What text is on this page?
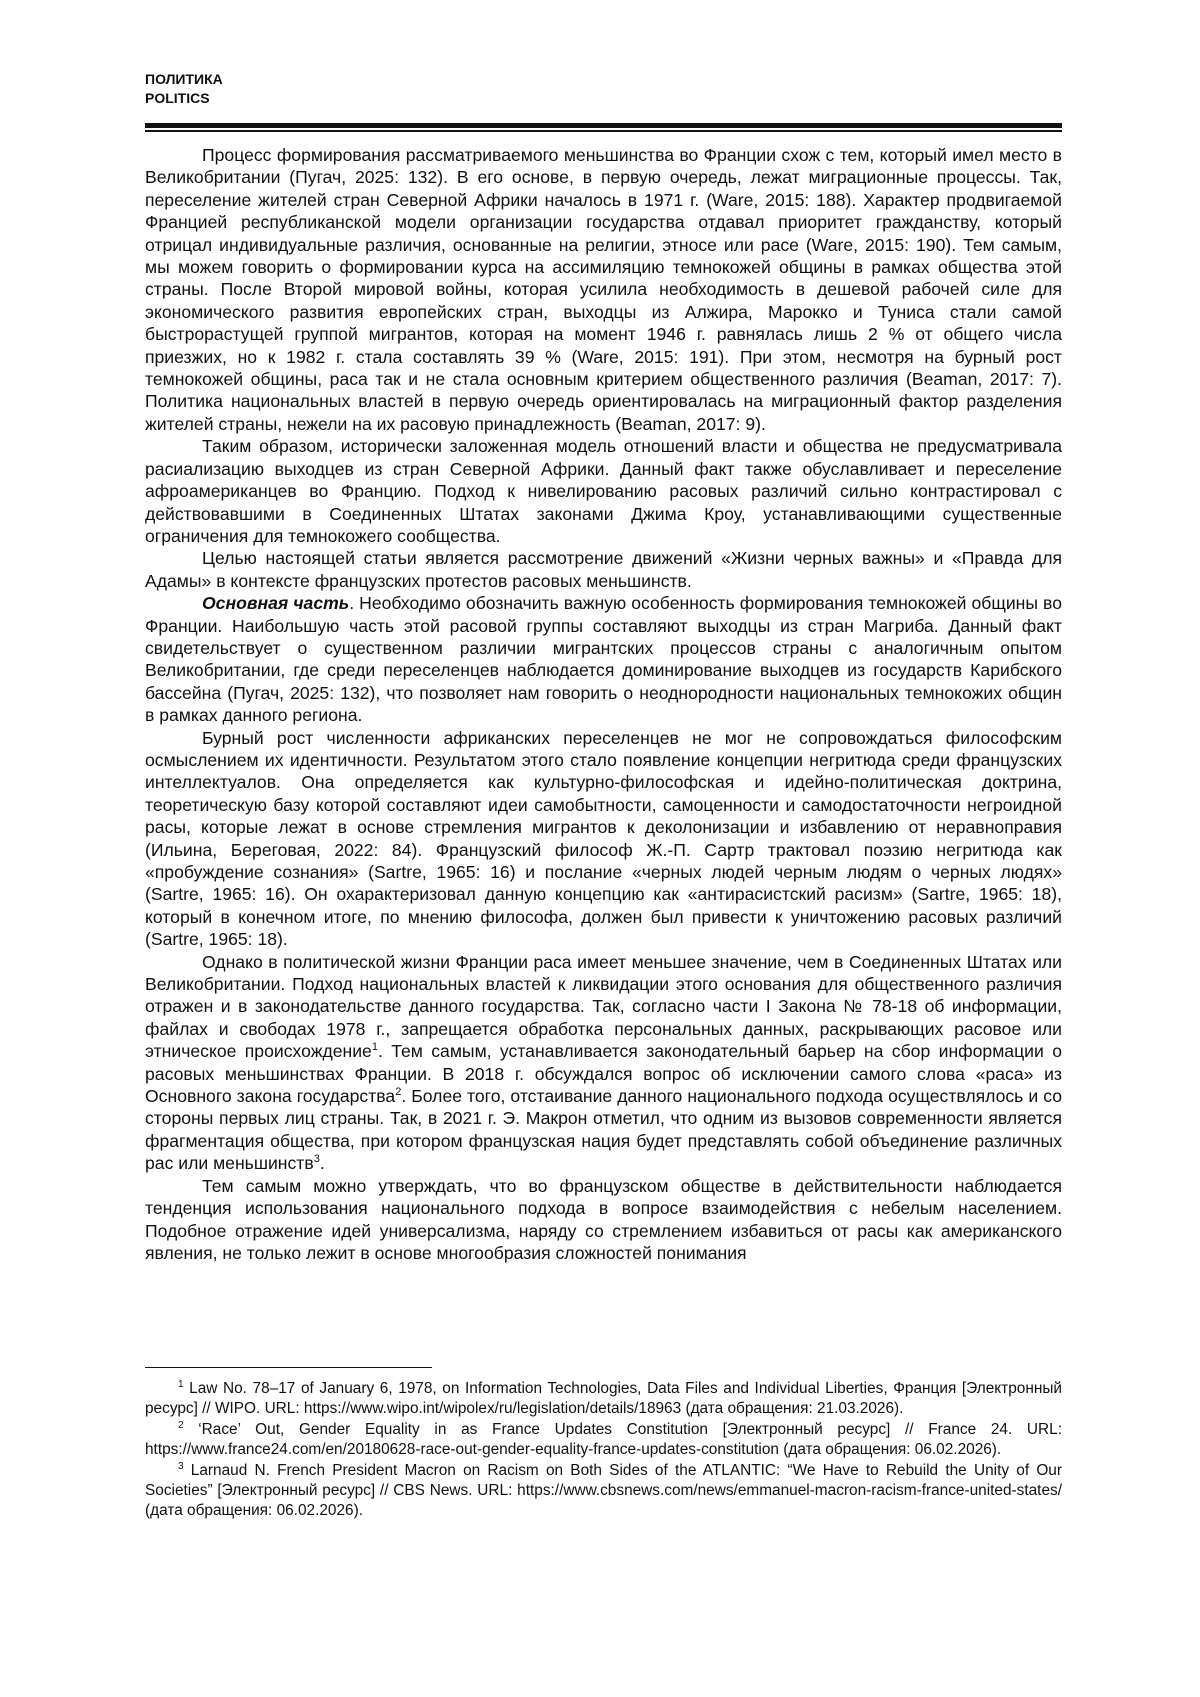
ПОЛИТИКА
POLITICS

Процесс формирования рассматриваемого меньшинства во Франции схож с тем, который имел место в Великобритании (Пугач, 2025: 132). В его основе, в первую очередь, лежат миграционные процессы. Так, переселение жителей стран Северной Африки началось в 1971 г. (Ware, 2015: 188). Характер продвигаемой Францией республиканской модели организации государства отдавал приоритет гражданству, который отрицал индивидуальные различия, основанные на религии, этносе или расе (Ware, 2015: 190). Тем самым, мы можем говорить о формировании курса на ассимиляцию темнокожей общины в рамках общества этой страны. После Второй мировой войны, которая усилила необходимость в дешевой рабочей силе для экономического развития европейских стран, выходцы из Алжира, Марокко и Туниса стали самой быстрорастущей группой мигрантов, которая на момент 1946 г. равнялась лишь 2 % от общего числа приезжих, но к 1982 г. стала составлять 39 % (Ware, 2015: 191). При этом, несмотря на бурный рост темнокожей общины, раса так и не стала основным критерием общественного различия (Beaman, 2017: 7). Политика национальных властей в первую очередь ориентировалась на миграционный фактор разделения жителей страны, нежели на их расовую принадлежность (Beaman, 2017: 9).

Таким образом, исторически заложенная модель отношений власти и общества не предусматривала расиализацию выходцев из стран Северной Африки. Данный факт также обуславливает и переселение афроамериканцев во Францию. Подход к нивелированию расовых различий сильно контрастировал с действовавшими в Соединенных Штатах законами Джима Кроу, устанавливающими существенные ограничения для темнокожего сообщества.

Целью настоящей статьи является рассмотрение движений «Жизни черных важны» и «Правда для Адамы» в контексте французских протестов расовых меньшинств.

Основная часть. Необходимо обозначить важную особенность формирования темнокожей общины во Франции. Наибольшую часть этой расовой группы составляют выходцы из стран Магриба. Данный факт свидетельствует о существенном различии мигрантских процессов страны с аналогичным опытом Великобритании, где среди переселенцев наблюдается доминирование выходцев из государств Карибского бассейна (Пугач, 2025: 132), что позволяет нам говорить о неоднородности национальных темнокожих общин в рамках данного региона.

Бурный рост численности африканских переселенцев не мог не сопровождаться философским осмыслением их идентичности. Результатом этого стало появление концепции негритюда среди французских интеллектуалов. Она определяется как культурно-философская и идейно-политическая доктрина, теоретическую базу которой составляют идеи самобытности, самоценности и самодостаточности негроидной расы, которые лежат в основе стремления мигрантов к деколонизации и избавлению от неравноправия (Ильина, Береговая, 2022: 84). Французский философ Ж.-П. Сартр трактовал поэзию негритюда как «пробуждение сознания» (Sartre, 1965: 16) и послание «черных людей черным людям о черных людях» (Sartre, 1965: 16). Он охарактеризовал данную концепцию как «антирасистский расизм» (Sartre, 1965: 18), который в конечном итоге, по мнению философа, должен был привести к уничтожению расовых различий (Sartre, 1965: 18).

Однако в политической жизни Франции раса имеет меньшее значение, чем в Соединенных Штатах или Великобритании. Подход национальных властей к ликвидации этого основания для общественного различия отражен и в законодательстве данного государства. Так, согласно части I Закона № 78-18 об информации, файлах и свободах 1978 г., запрещается обработка персональных данных, раскрывающих расовое или этническое происхождение$^1$. Тем самым, устанавливается законодательный барьер на сбор информации о расовых меньшинствах Франции. В 2018 г. обсуждался вопрос об исключении самого слова «раса» из Основного закона государства$^2$. Более того, отстаивание данного национального подхода осуществлялось и со стороны первых лиц страны. Так, в 2021 г. Э. Макрон отметил, что одним из вызовов современности является фрагментация общества, при котором французская нация будет представлять собой объединение различных рас или меньшинств$^3$.

Тем самым можно утверждать, что во французском обществе в действительности наблюдается тенденция использования национального подхода в вопросе взаимодействия с небелым населением. Подобное отражение идей универсализма, наряду со стремлением избавиться от расы как американского явления, не только лежит в основе многообразия сложностей понимания

$^1$ Law No. 78–17 of January 6, 1978, on Information Technologies, Data Files and Individual Liberties, Франция [Электронный ресурс] // WIPO. URL: https://www.wipo.int/wipolex/ru/legislation/details/18963 (дата обращения: 21.03.2026).

$^2$ ‘Race’ Out, Gender Equality in as France Updates Constitution [Электронный ресурс] // France 24. URL: https://www.france24.com/en/20180628-race-out-gender-equality-france-updates-constitution (дата обращения: 06.02.2026).

$^3$ Larnaud N. French President Macron on Racism on Both Sides of the ATLANTIC: “We Have to Rebuild the Unity of Our Societies” [Электронный ресурс] // CBS News. URL: https://www.cbsnews.com/news/emmanuel-macron-racism-france-united-states/ (дата обращения: 06.02.2026).
